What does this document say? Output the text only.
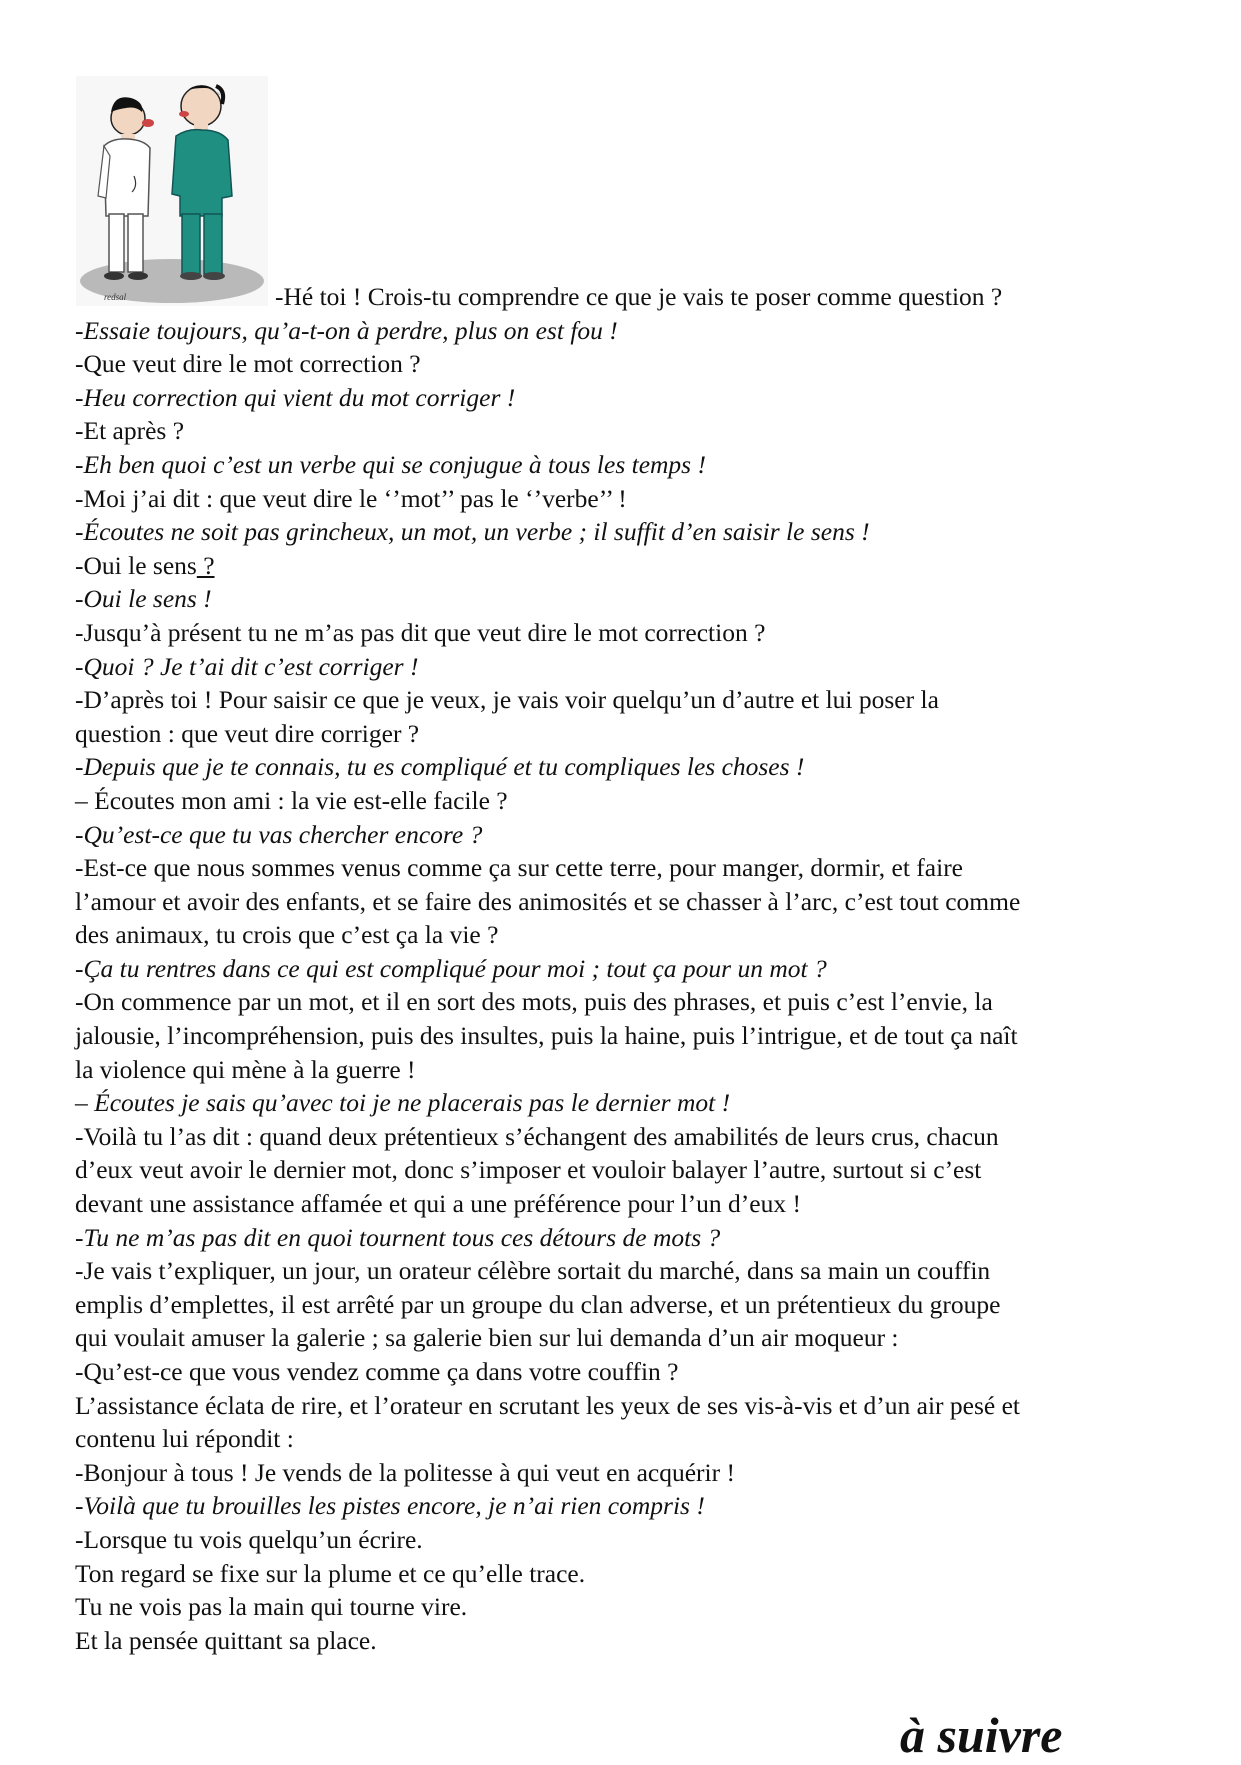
redsal	-Hé toi ! Crois-tu comprendre ce que je vais te poser comme question ?
-Essaie toujours, qu’a-t-on à perdre, plus on est fou !
-Que veut dire le mot correction ?
-Heu correction qui vient du mot corriger !
-Et après ?
-Eh ben quoi c’est un verbe qui se conjugue à tous les temps !
-Moi j’ai dit : que veut dire le ‘’mot’’ pas le ‘’verbe’’ !
-Écoutes ne soit pas grincheux, un mot, un verbe ; il suffit d’en saisir le sens !
-Oui le sens ?
-Oui le sens !
-Jusqu’à présent tu ne m’as pas dit que veut dire le mot correction ?
-Quoi ? Je t’ai dit c’est corriger !
-D’après toi ! Pour saisir ce que je veux, je vais voir quelqu’un d’autre et lui poser la
question : que veut dire corriger ?
-Depuis que je te connais, tu es compliqué et tu compliques les choses !
– Écoutes mon ami : la vie est-elle facile ?
-Qu’est-ce que tu vas chercher encore ?
-Est-ce que nous sommes venus comme ça sur cette terre, pour manger, dormir, et faire
l’amour et avoir des enfants, et se faire des animosités et se chasser à l’arc, c’est tout comme
des animaux, tu crois que c’est ça la vie ?
-Ça tu rentres dans ce qui est compliqué pour moi ; tout ça pour un mot ?
-On commence par un mot, et il en sort des mots, puis des phrases, et puis c’est l’envie, la
jalousie, l’incompréhension, puis des insultes, puis la haine, puis l’intrigue, et de tout ça naît
la violence qui mène à la guerre !
– Écoutes je sais qu’avec toi je ne placerais pas le dernier mot !
-Voilà tu l’as dit : quand deux prétentieux s’échangent des amabilités de leurs crus, chacun
d’eux veut avoir le dernier mot, donc s’imposer et vouloir balayer l’autre, surtout si c’est
devant une assistance affamée et qui a une préférence pour l’un d’eux !
-Tu ne m’as pas dit en quoi tournent tous ces détours de mots ?
-Je vais t’expliquer, un jour, un orateur célèbre sortait du marché, dans sa main un couffin
emplis d’emplettes, il est arrêté par un groupe du clan adverse, et un prétentieux du groupe
qui voulait amuser la galerie ; sa galerie bien sur lui demanda d’un air moqueur :
-Qu’est-ce que vous vendez comme ça dans votre couffin ?
L’assistance éclata de rire, et l’orateur en scrutant les yeux de ses vis-à-vis et d’un air pesé et
contenu lui répondit :
-Bonjour à tous ! Je vends de la politesse à qui veut en acquérir !
-Voilà que tu brouilles les pistes encore, je n’ai rien compris !
-Lorsque tu vois quelqu’un écrire.
Ton regard se fixe sur la plume et ce qu’elle trace.
Tu ne vois pas la main qui tourne vire.
Et la pensée quittant sa place.
à suivre
